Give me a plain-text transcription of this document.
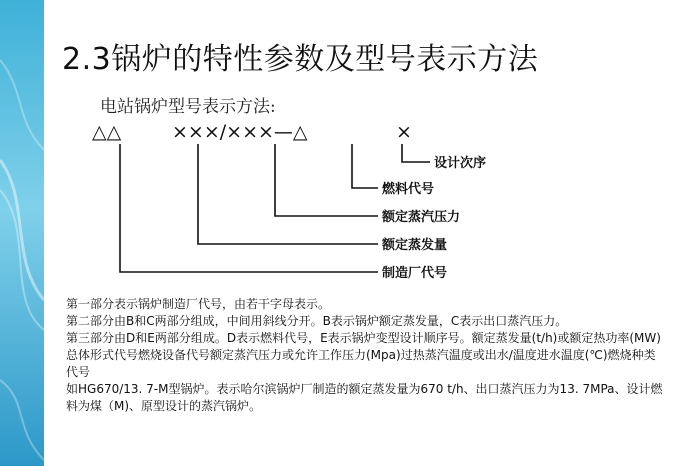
2.3锅炉的特性参数及型号表示方法
电站锅炉型号表示方法:
△△	×××/×××—△	×
设计次序
燃料代号
额定蒸汽压力
额定蒸发量
制造厂代号

第一部分表示锅炉制造厂代号，由若干字母表示。

第二部分由B和C两部分组成，中间用斜线分开。B表示锅炉额定蒸发量，C表示出口蒸汽压力。

第三部分由D和E两部分组成。D表示燃料代号，E表示锅炉变型设计顺序号。额定蒸发量(t/h)或额定热功率(MW)总体形式代号燃烧设备代号额定蒸汽压力或允许工作压力(Mpa)过热蒸汽温度或出水/温度进水温度(℃)燃烧种类代号

如HG670/13. 7-M型锅炉。表示哈尔滨锅炉厂制造的额定蒸发量为670 t/h、出口蒸汽压力为13. 7MPa、设计燃料为煤（M)、原型设计的蒸汽锅炉。
